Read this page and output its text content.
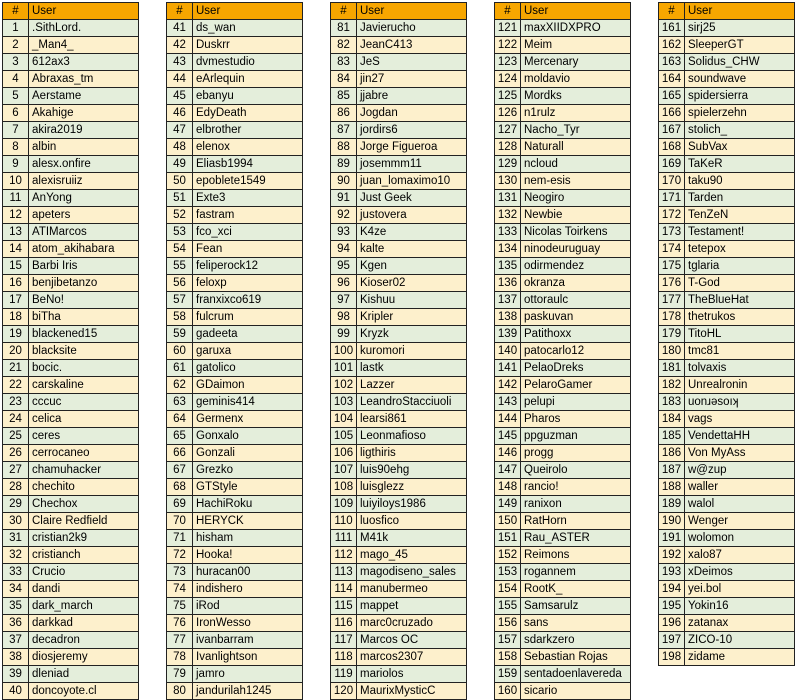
#	User
1	.SithLord.
2	_Man4_
3	612ax3
4	Abraxas_tm
5	Aerstame
6	Akahige
7	akira2019
8	albin
9	alesx.onfire
10	alexisruiiz
11	AnYong
12	apeters
13	ATIMarcos
14	atom_akihabara
15	Barbi Iris
16	benjibetanzo
17	BeNo!
18	biTha
19	blackened15
20	blacksite
21	bocic.
22	carskaline
23	cccuc
24	celica
25	ceres
26	cerrocaneo
27	chamuhacker
28	chechito
29	Chechox
30	Claire Redfield
31	cristian2k9
32	cristianch
33	Crucio
34	dandi
35	dark_march
36	darkkad
37	decadron
38	diosjeremy
39	dleniad
40	doncoyote.cl
#	User
41	ds_wan
42	Duskrr
43	dvmestudio
44	eArlequin
45	ebanyu
46	EdyDeath
47	elbrother
48	elenox
49	Eliasb1994
50	epoblete1549
51	Exte3
52	fastram
53	fco_xci
54	Fean
55	feliperock12
56	feloxp
57	franxixco619
58	fulcrum
59	gadeeta
60	garuxa
61	gatolico
62	GDaimon
63	geminis414
64	Germenx
65	Gonxalo
66	Gonzali
67	Grezko
68	GTStyle
69	HachiRoku
70	HERYCK
71	hisham
72	Hooka!
73	huracan00
74	indishero
75	iRod
76	IronWesso
77	ivanbarram
78	Ivanlightson
79	jamro
80	jandurilah1245
#	User
81	Javierucho
82	JeanC413
83	JeS
84	jin27
85	jjabre
86	Jogdan
87	jordirs6
88	Jorge Figueroa
89	josemmm11
90	juan_lomaximo10
91	Just Geek
92	justovera
93	K4ze
94	kalte
95	Kgen
96	Kioser02
97	Kishuu
98	Kripler
99	Kryzk
100	kuromori
101	lastk
102	Lazzer
103	LeandroStacciuoli
104	learsi861
105	Leonmafioso
106	ligthiris
107	luis90ehg
108	luisglezz
109	luiyiloys1986
110	luosfico
111	M41k
112	mago_45
113	magodiseno_sales
114	manubermeo
115	mappet
116	marc0cruzado
117	Marcos OC
118	marcos2307
119	mariolos
120	MaurixMysticC
#	User
121	maxXIIDXPRO
122	Meim
123	Mercenary
124	moldavio
125	Mordks
126	n1rulz
127	Nacho_Tyr
128	Naturall
129	ncloud
130	nem-esis
131	Neogiro
132	Newbie
133	Nicolas Toirkens
134	ninodeuruguay
135	odirmendez
136	okranza
137	ottoraulc
138	paskuvan
139	Patithoxx
140	patocarlo12
141	PelaoDreks
142	PelaroGamer
143	pelupi
144	Pharos
145	ppguzman
146	progg
147	Queirolo
148	rancio!
149	ranixon
150	RatHorn
151	Rau_ASTER
152	Reimons
153	rogannem
154	RootK_
155	Samsarulz
156	sans
157	sdarkzero
158	Sebastian Rojas
159	sentadoenlavereda
160	sicario
#	User
161	sirj25
162	SleeperGT
163	Solidus_CHW
164	soundwave
165	spidersierra
166	spielerzehn
167	stolich_
168	SubVax
169	TaKeR
170	taku90
171	Tarden
172	TenZeN
173	Testament!
174	tetepox
175	tglaria
176	T-God
177	TheBlueHat
178	thetrukos
179	TitoHL
180	tmc81
181	tolvaxis
182	Unrealronin
183	uonɹǝsoıʞ
184	vags
185	VendettaHH
186	Von MyAss
187	w@zup
188	waller
189	walol
190	Wenger
191	wolomon
192	xalo87
193	xDeimos
194	yei.bol
195	Yokin16
196	zatanax
197	ZICO-10
198	zidame
